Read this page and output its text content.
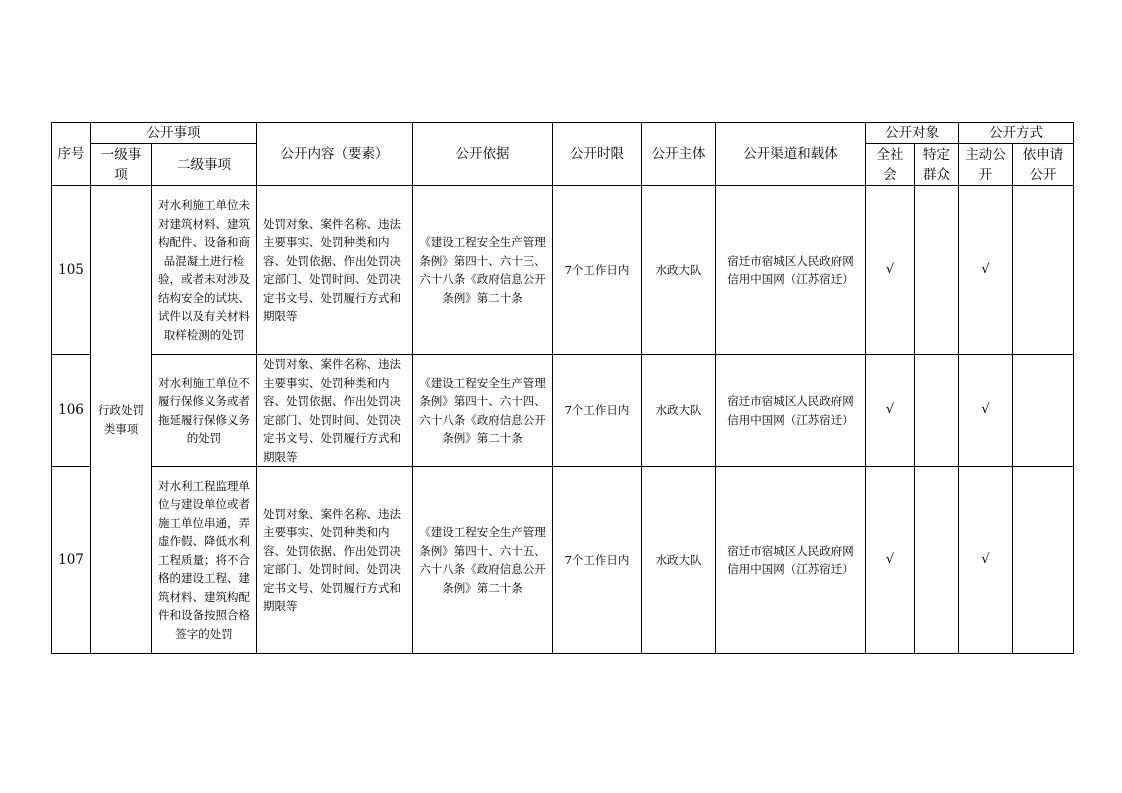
序号	公开事项		公开内容（要素）	公开依据	公开时限	公开主体	公开渠道和载体	公开对象		公开方式	
	一级事项	二级事项						全社会	特定群众	主动公开	依申请公开
105	行政处罚类事项	对水利施工单位未对建筑材料、建筑构配件、设备和商品混凝土进行检验，或者未对涉及结构安全的试块、试件以及有关材料取样检测的处罚	处罚对象、案件名称、违法主要事实、处罚种类和内容、处罚依据、作出处罚决定部门、处罚时间、处罚决定书文号、处罚履行方式和期限等	《建设工程安全生产管理条例》第四十、六十三、六十八条《政府信息公开条例》第二十条	7个工作日内	水政大队	宿迁市宿城区人民政府网信用中国网（江苏宿迁）	√		√	
106		对水利施工单位不履行保修义务或者拖延履行保修义务的处罚	处罚对象、案件名称、违法主要事实、处罚种类和内容、处罚依据、作出处罚决定部门、处罚时间、处罚决定书文号、处罚履行方式和期限等	《建设工程安全生产管理条例》第四十、六十四、六十八条《政府信息公开条例》第二十条	7个工作日内	水政大队	宿迁市宿城区人民政府网信用中国网（江苏宿迁）	√		√	
107		对水利工程监理单位与建设单位或者施工单位串通，弄虚作假、降低水利工程质量；将不合格的建设工程、建筑材料、建筑构配件和设备按照合格签字的处罚	处罚对象、案件名称、违法主要事实、处罚种类和内容、处罚依据、作出处罚决定部门、处罚时间、处罚决定书文号、处罚履行方式和期限等	《建设工程安全生产管理条例》第四十、六十五、六十八条《政府信息公开条例》第二十条	7个工作日内	水政大队	宿迁市宿城区人民政府网信用中国网（江苏宿迁）	√		√	
